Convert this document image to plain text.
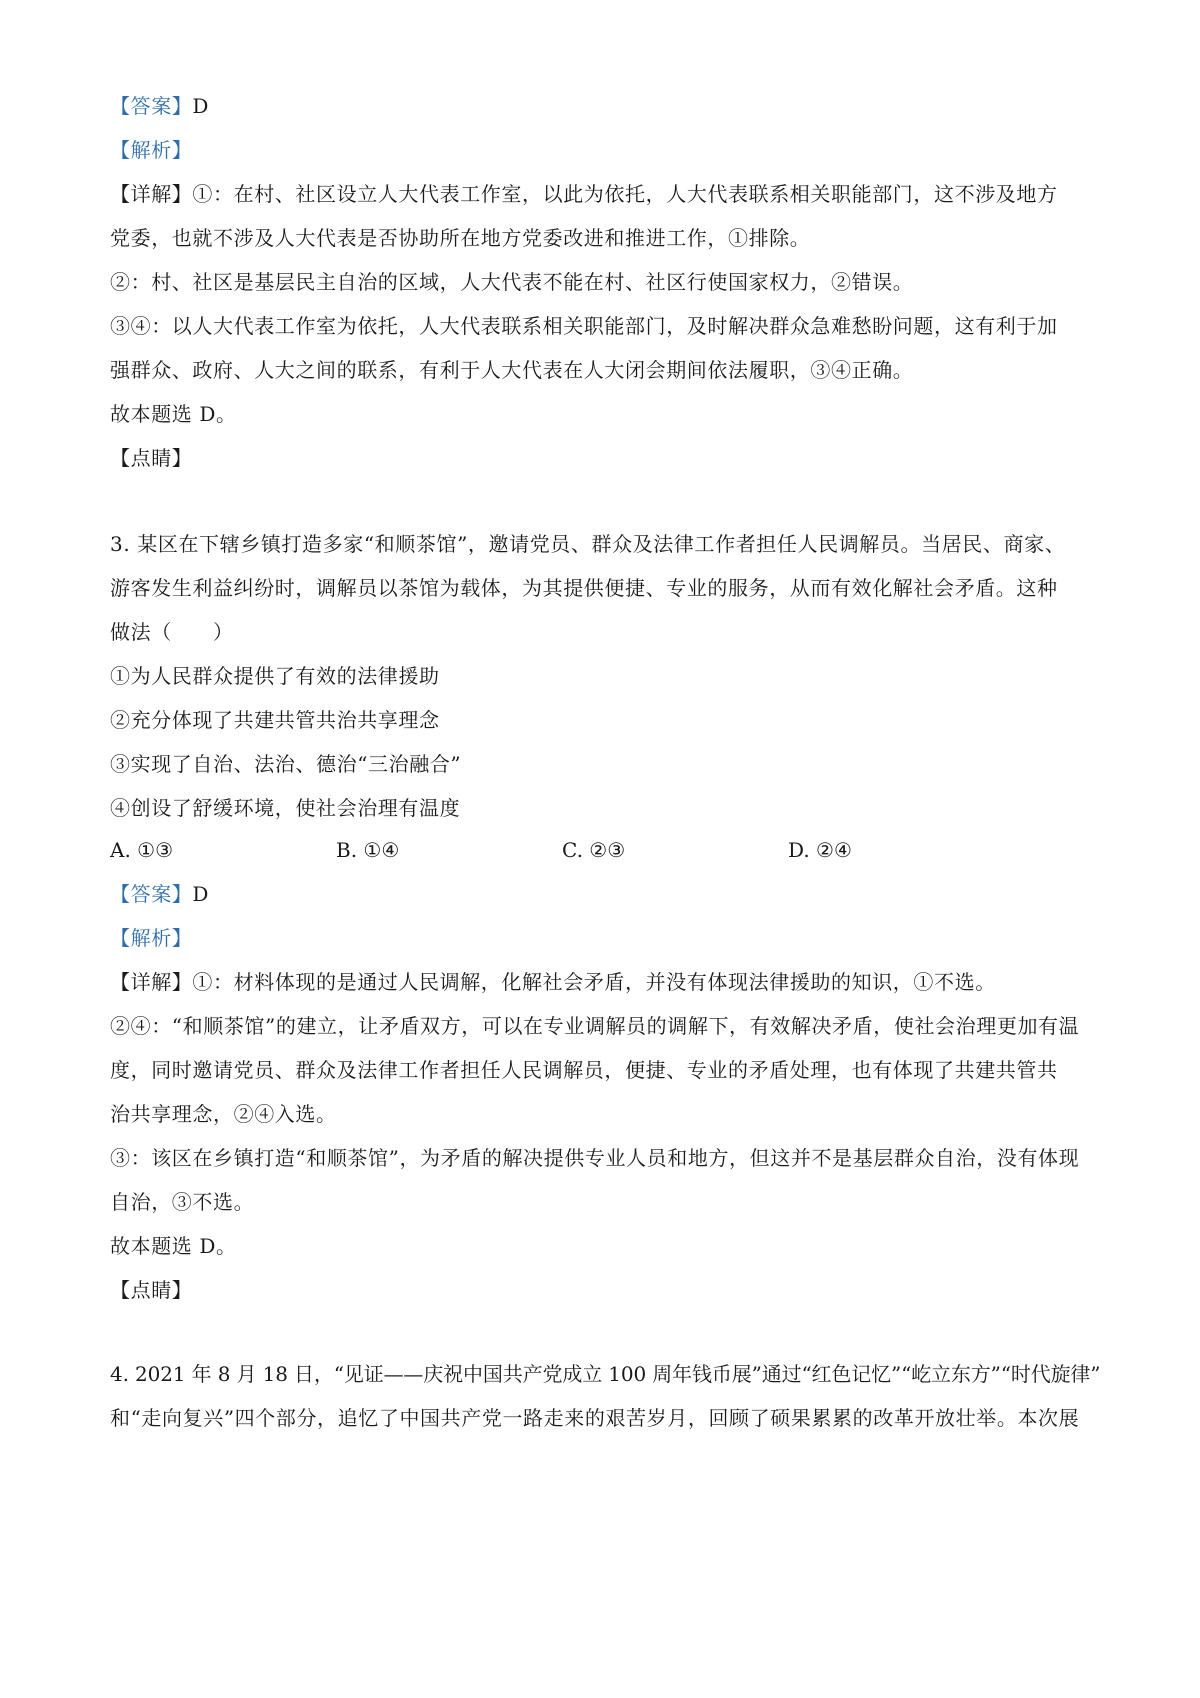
【答案】D
【解析】
【详解】①：在村、社区设立人大代表工作室，以此为依托，人大代表联系相关职能部门，这不涉及地方
党委，也就不涉及人大代表是否协助所在地方党委改进和推进工作，①排除。
②：村、社区是基层民主自治的区域，人大代表不能在村、社区行使国家权力，②错误。
③④：以人大代表工作室为依托，人大代表联系相关职能部门，及时解决群众急难愁盼问题，这有利于加
强群众、政府、人大之间的联系，有利于人大代表在人大闭会期间依法履职，③④正确。
故本题选 D。
【点睛】
3. 某区在下辖乡镇打造多家“和顺茶馆”，邀请党员、群众及法律工作者担任人民调解员。当居民、商家、
游客发生利益纠纷时，调解员以茶馆为载体，为其提供便捷、专业的服务，从而有效化解社会矛盾。这种
做法（　　）
①为人民群众提供了有效的法律援助
②充分体现了共建共管共治共享理念
③实现了自治、法治、德治“三治融合”
④创设了舒缓环境，使社会治理有温度
A. ①③	B. ①④	C. ②③	D. ②④
【答案】D
【解析】
【详解】①：材料体现的是通过人民调解，化解社会矛盾，并没有体现法律援助的知识，①不选。
②④：“和顺茶馆”的建立，让矛盾双方，可以在专业调解员的调解下，有效解决矛盾，使社会治理更加有温
度，同时邀请党员、群众及法律工作者担任人民调解员，便捷、专业的矛盾处理，也有体现了共建共管共
治共享理念，②④入选。
③：该区在乡镇打造“和顺茶馆”，为矛盾的解决提供专业人员和地方，但这并不是基层群众自治，没有体现
自治，③不选。
故本题选 D。
【点睛】
4. 2021 年 8 月 18 日，“见证——庆祝中国共产党成立 100 周年钱币展”通过“红色记忆”“屹立东方”“时代旋律”
和“走向复兴”四个部分，追忆了中国共产党一路走来的艰苦岁月，回顾了硕果累累的改革开放壮举。本次展
